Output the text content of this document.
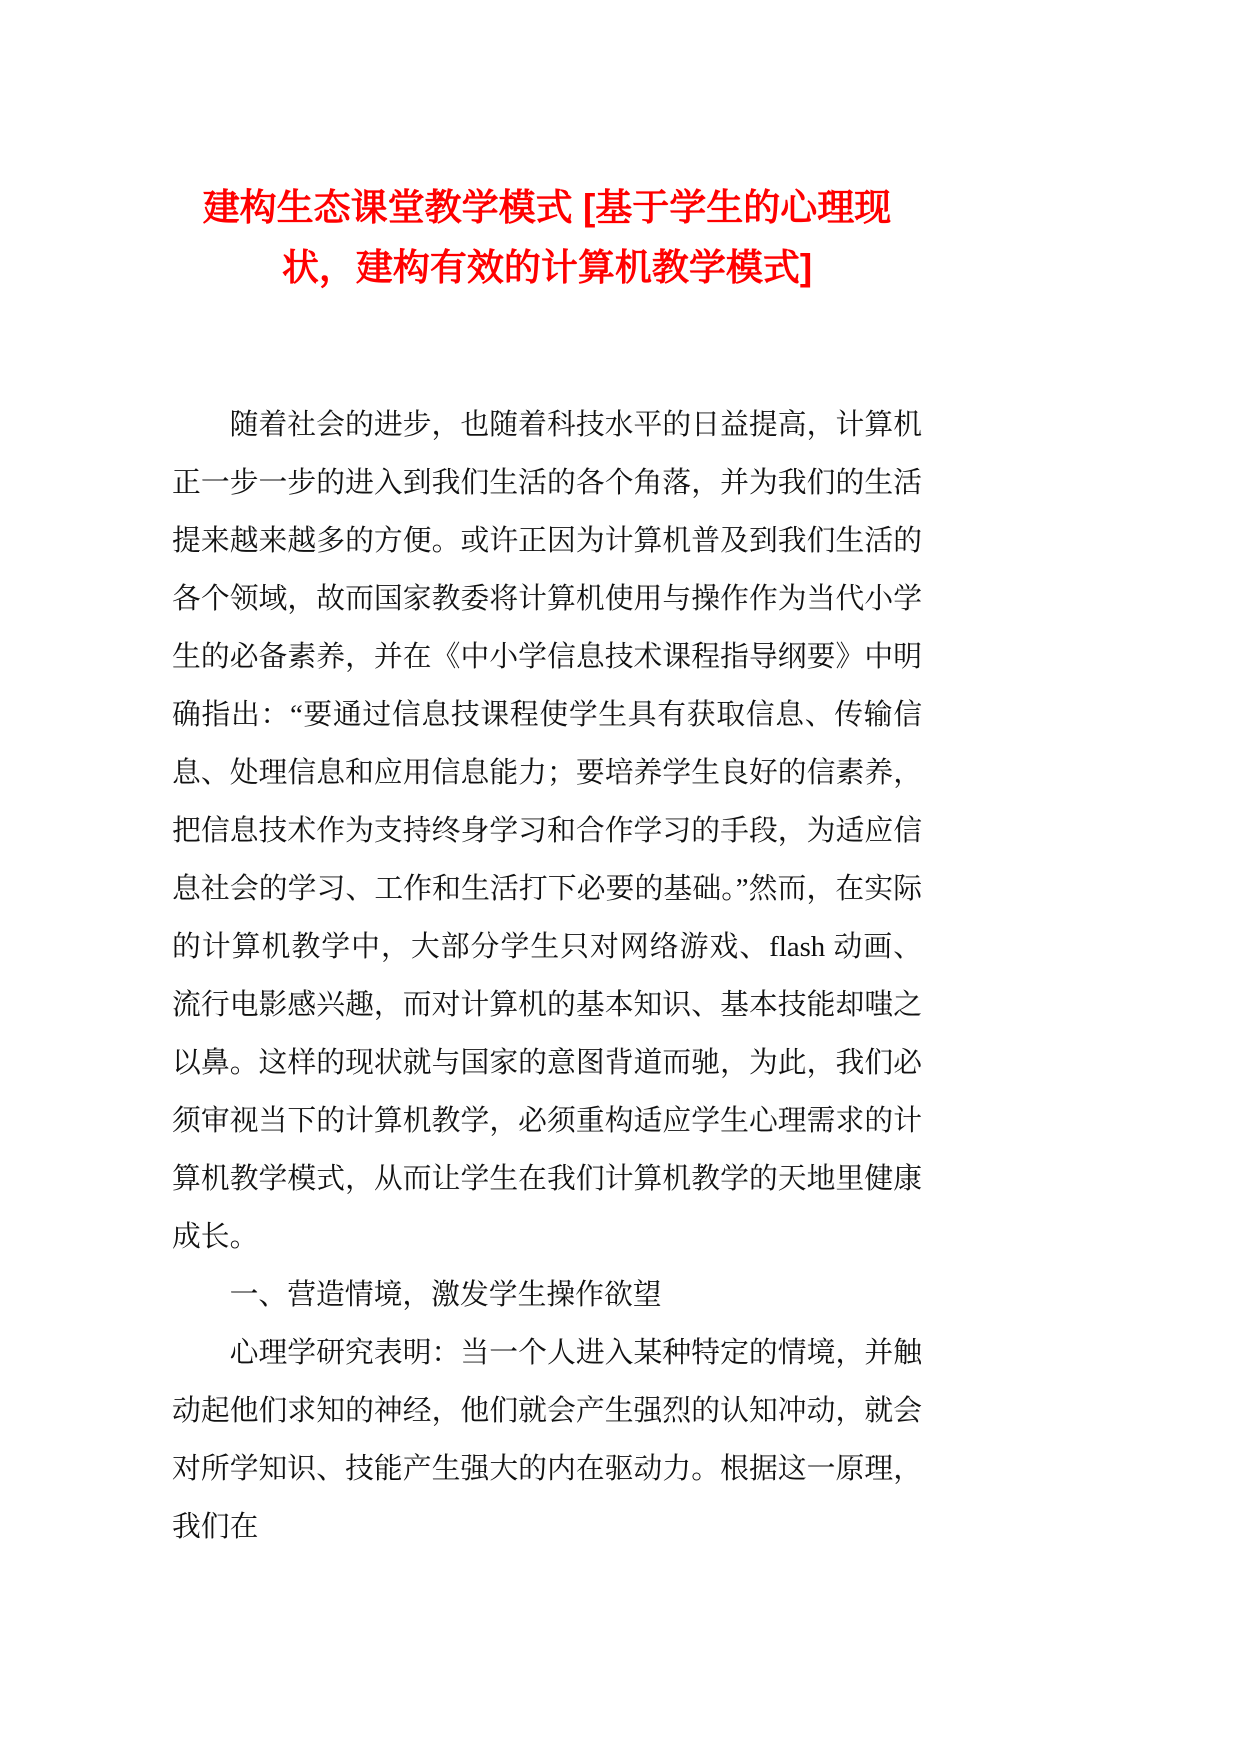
建构生态课堂教学模式 [基于学生的心理现
状，建构有效的计算机教学模式]

随着社会的进步，也随着科技水平的日益提高，计算机正一步一步的进入到我们生活的各个角落，并为我们的生活提来越来越多的方便。或许正因为计算机普及到我们生活的各个领域，故而国家教委将计算机使用与操作作为当代小学生的必备素养，并在《中小学信息技术课程指导纲要》中明确指出：“要通过信息技课程使学生具有获取信息、传输信息、处理信息和应用信息能力；要培养学生良好的信素养，把信息技术作为支持终身学习和合作学习的手段，为适应信息社会的学习、工作和生活打下必要的基础。”然而，在实际的计算机教学中，大部分学生只对网络游戏、flash 动画、流行电影感兴趣，而对计算机的基本知识、基本技能却嗤之以鼻。这样的现状就与国家的意图背道而驰，为此，我们必须审视当下的计算机教学，必须重构适应学生心理需求的计算机教学模式，从而让学生在我们计算机教学的天地里健康成长。

一、营造情境，激发学生操作欲望

心理学研究表明：当一个人进入某种特定的情境，并触动起他们求知的神经，他们就会产生强烈的认知冲动，就会对所学知识、技能产生强大的内在驱动力。根据这一原理，我们在
